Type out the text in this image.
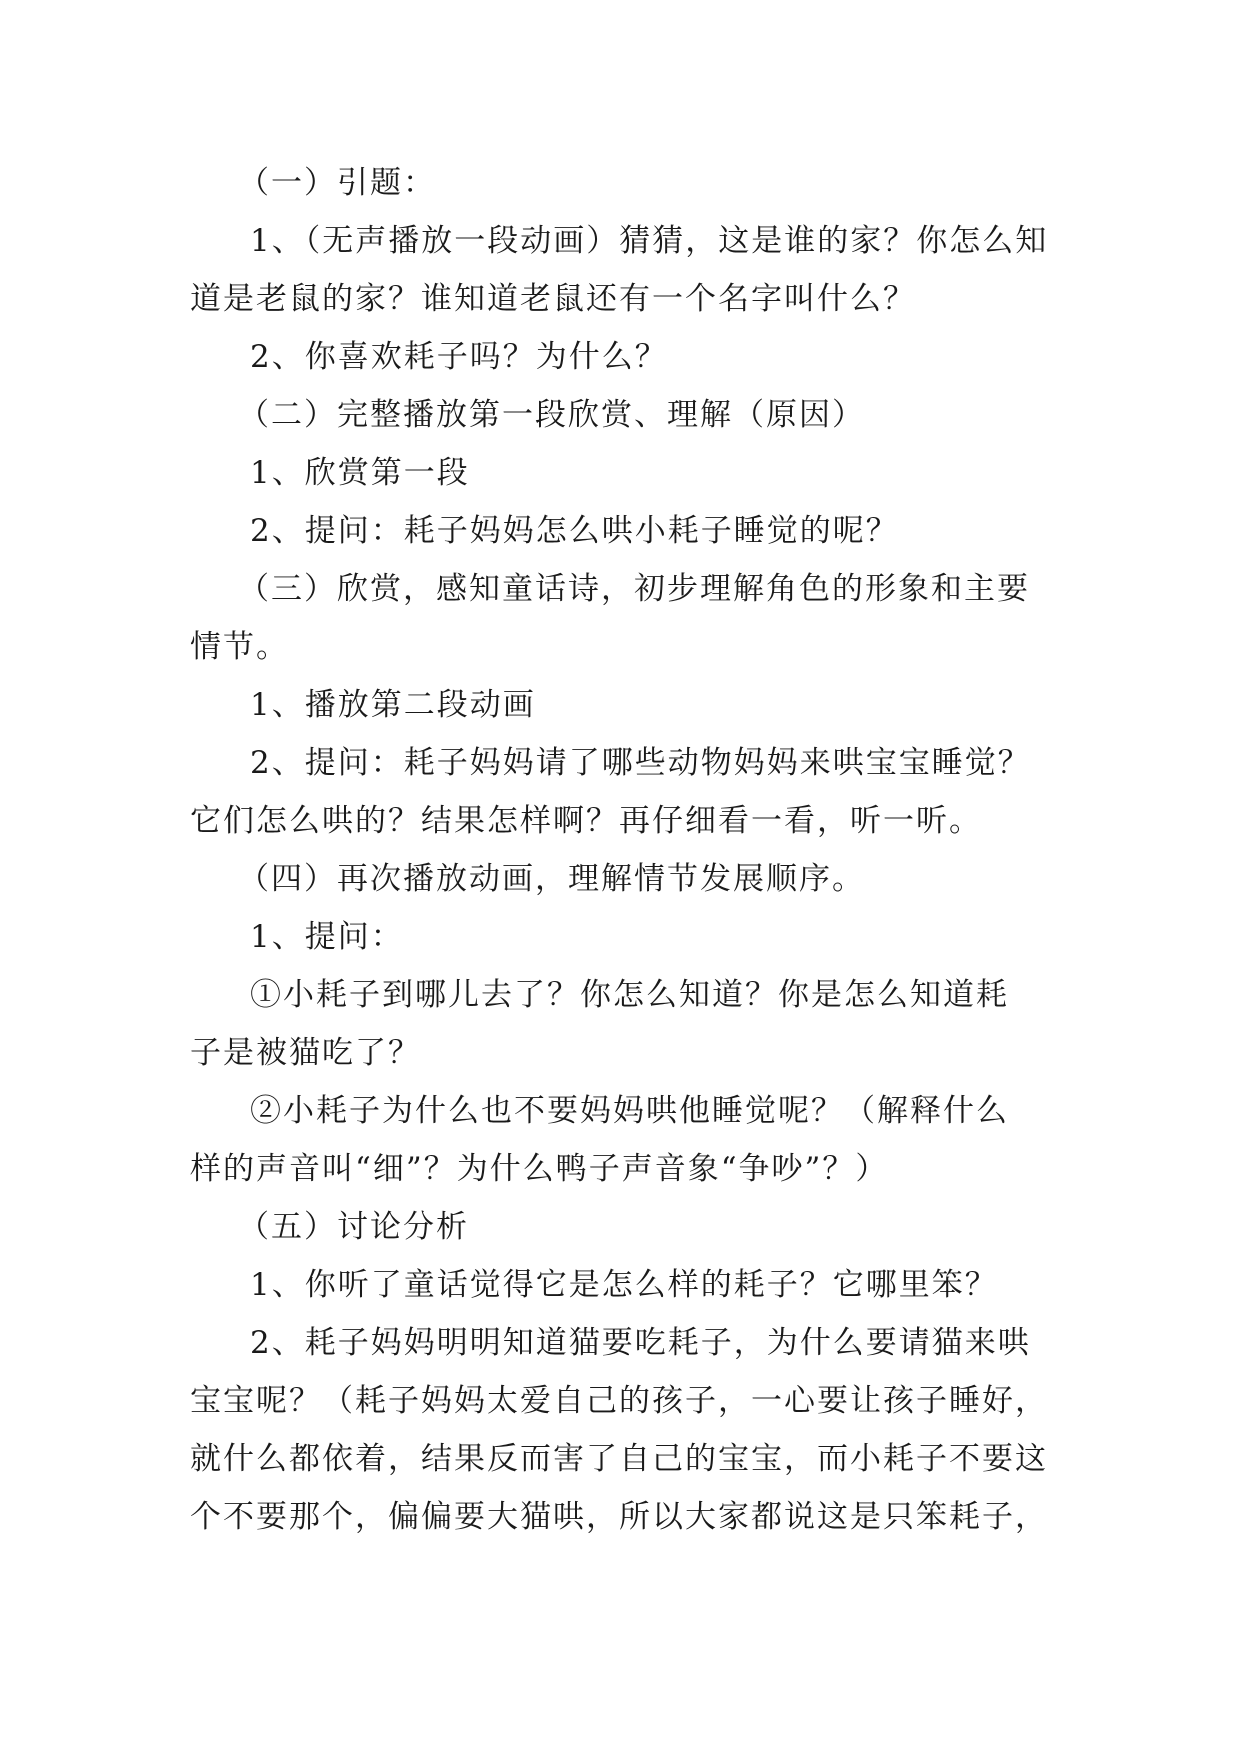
（一）引题：

1、（无声播放一段动画）猜猜，这是谁的家？你怎么知

道是老鼠的家？谁知道老鼠还有一个名字叫什么？

2、你喜欢耗子吗？为什么？

（二）完整播放第一段欣赏、理解（原因）

1、欣赏第一段

2、提问：耗子妈妈怎么哄小耗子睡觉的呢？

（三）欣赏，感知童话诗，初步理解角色的形象和主要

情节。

1、播放第二段动画

2、提问：耗子妈妈请了哪些动物妈妈来哄宝宝睡觉？

它们怎么哄的？结果怎样啊？再仔细看一看，听一听。

（四）再次播放动画，理解情节发展顺序。

1、提问：

①小耗子到哪儿去了？你怎么知道？你是怎么知道耗

子是被猫吃了？

②小耗子为什么也不要妈妈哄他睡觉呢？（解释什么

样的声音叫“细”？为什么鸭子声音象“争吵”？）

（五）讨论分析

1、你听了童话觉得它是怎么样的耗子？它哪里笨？

2、耗子妈妈明明知道猫要吃耗子，为什么要请猫来哄

宝宝呢？（耗子妈妈太爱自己的孩子，一心要让孩子睡好，

就什么都依着，结果反而害了自己的宝宝，而小耗子不要这

个不要那个，偏偏要大猫哄，所以大家都说这是只笨耗子，
